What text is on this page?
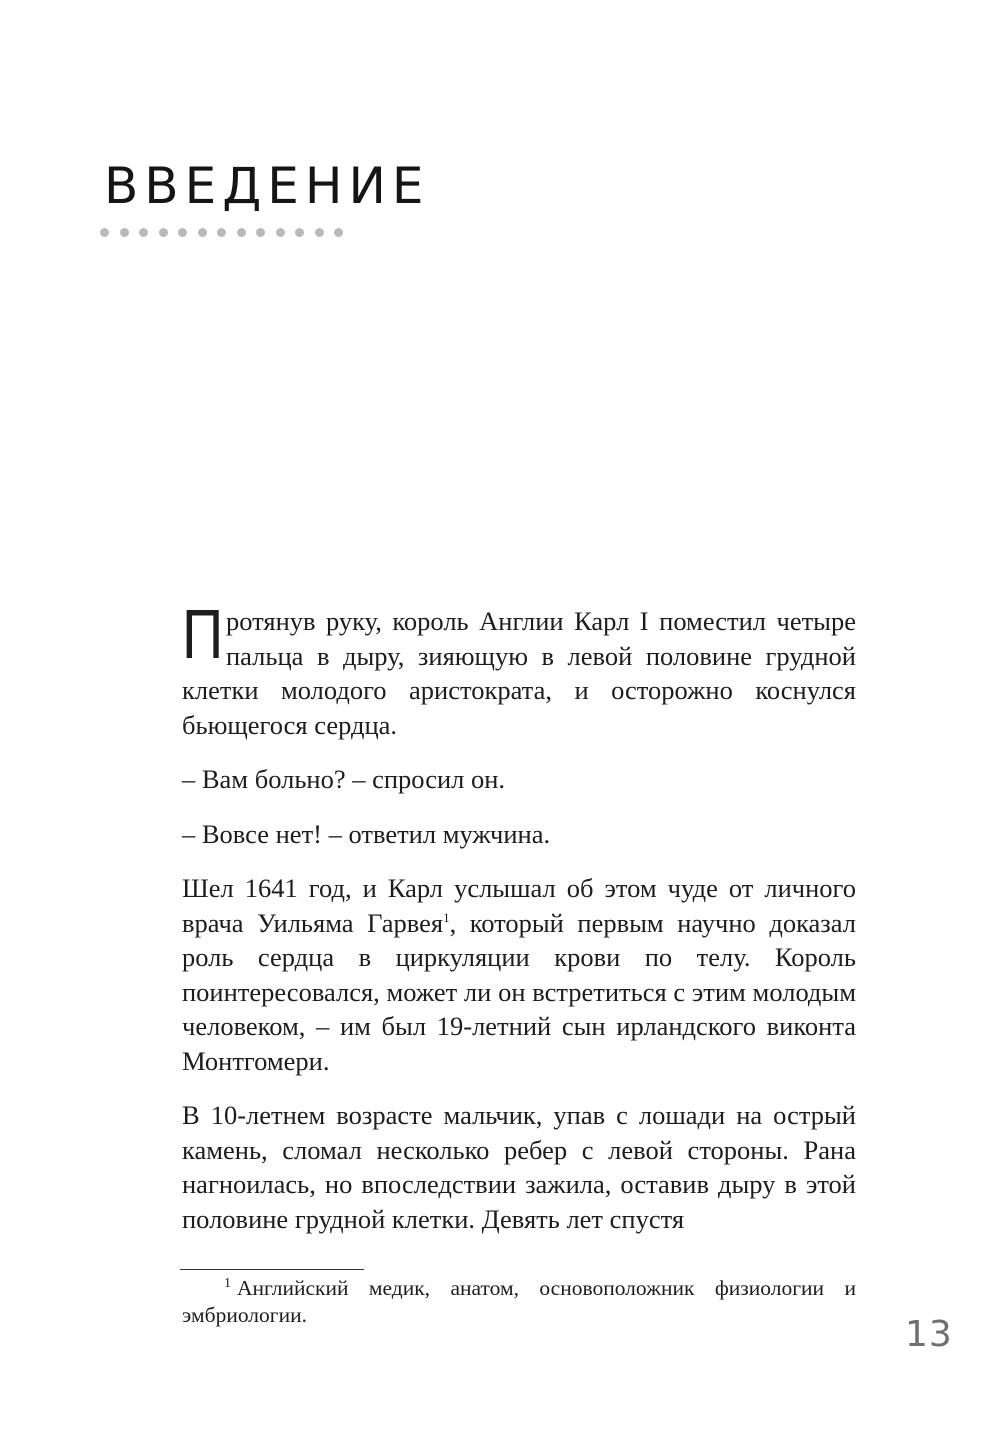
ВВЕДЕНИЕ

Протянув руку, король Англии Карл I поместил четыре пальца в дыру, зияющую в левой половине грудной клетки молодого аристократа, и осторожно коснулся бьющегося сердца.

– Вам больно? – спросил он.

– Вовсе нет! – ответил мужчина.

Шел 1641 год, и Карл услышал об этом чуде от личного врача Уильяма Гарвея$^1$, который первым научно доказал роль сердца в циркуляции крови по телу. Король поинтересовался, может ли он встретиться с этим молодым человеком, – им был 19-летний сын ирландского виконта Монтгомери.

В 10-летнем возрасте мальчик, упав с лошади на острый камень, сломал несколько ребер с левой стороны. Рана нагноилась, но впоследствии зажила, оставив дыру в этой половине грудной клетки. Девять лет спустя

$^1$ Английский медик, анатом, основоположник физиологии и эмбриологии.	13
